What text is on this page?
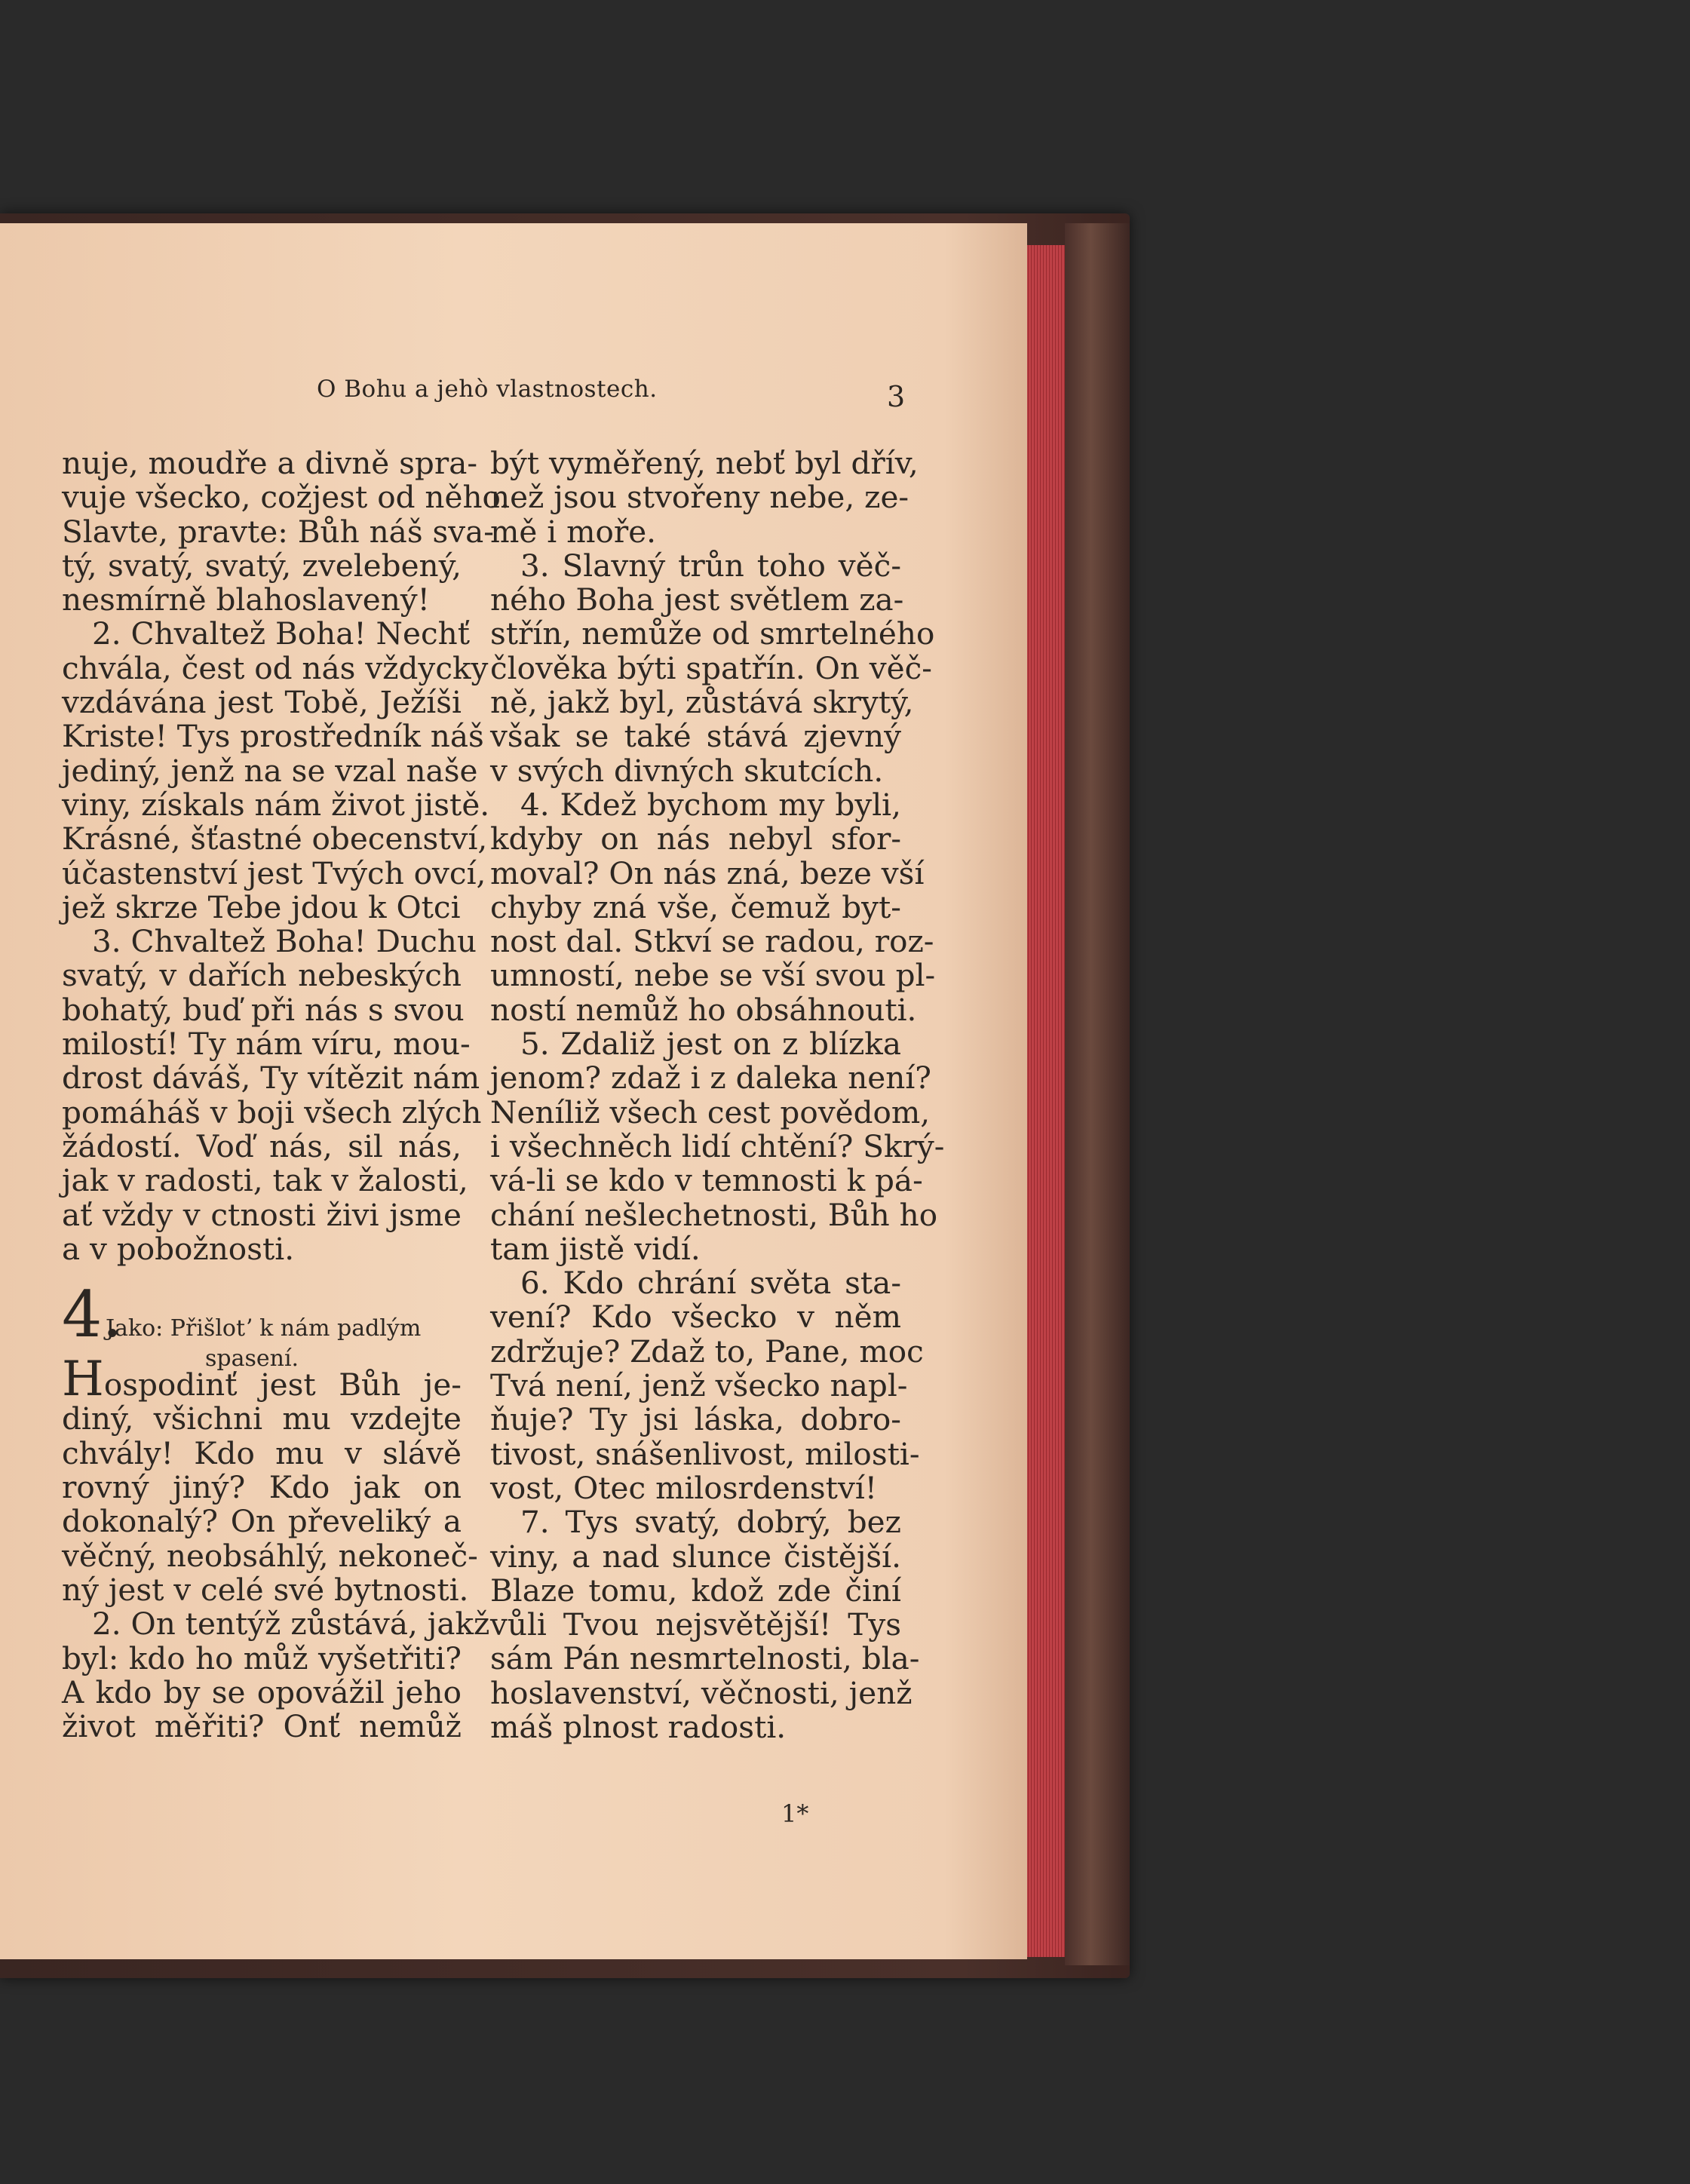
O Bohu a jehò vlastnostech.	3
nuje, moudře a divně spra-
vuje všecko, cožjest od něho.
Slavte, pravte: Bůh náš sva-
tý, svatý, svatý, zvelebený,
nesmírně blahoslavený!
2. Chvaltež Boha! Nechť
chvála, čest od nás vždycky
vzdávána jest Tobě, Ježíši
Kriste! Tys prostředník náš
jediný, jenž na se vzal naše
viny, získals nám život jistě.
Krásné, šťastné obecenství,
účastenství jest Tvých ovcí,
jež skrze Tebe jdou k Otci
3. Chvaltež Boha! Duchu
svatý, v dařích nebeských
bohatý, buď při nás s svou
milostí! Ty nám víru, mou-
drost dáváš, Ty vítězit nám
pomáháš v boji všech zlých
žádostí. Voď nás, sil nás,
jak v radosti, tak v žalosti,
ať vždy v ctnosti živi jsme
a v pobožnosti.
4.
Jako: Přišlotʼ k nám padlým
spasení.
Hospodinť jest Bůh je-
diný, všichni mu vzdejte
chvály! Kdo mu v slávě
rovný jiný? Kdo jak on
dokonalý? On převeliký a
věčný, neobsáhlý, nekoneč-
ný jest v celé své bytnosti.
2. On tentýž zůstává, jakž
byl: kdo ho můž vyšetřiti?
A kdo by se opovážil jeho
život měřiti? Onť nemůž
být vyměřený, nebť byl dřív,
než jsou stvořeny nebe, ze-
mě i moře.
3. Slavný trůn toho věč-
ného Boha jest světlem za-
střín, nemůže od smrtelného
člověka býti spatřín. On věč-
ně, jakž byl, zůstává skrytý,
však se také stává zjevný
v svých divných skutcích.
4. Kdež bychom my byli,
kdyby on nás nebyl sfor-
moval? On nás zná, beze vší
chyby zná vše, čemuž byt-
nost dal. Stkví se radou, roz-
umností, nebe se vší svou pl-
ností nemůž ho obsáhnouti.
5. Zdaliž jest on z blízka
jenom? zdaž i z daleka není?
Neníliž všech cest povědom,
i všechněch lidí chtění? Skrý-
vá-li se kdo v temnosti k pá-
chání nešlechetnosti, Bůh ho
tam jistě vidí.
6. Kdo chrání světa sta-
vení? Kdo všecko v něm
zdržuje? Zdaž to, Pane, moc
Tvá není, jenž všecko napl-
ňuje? Ty jsi láska, dobro-
tivost, snášenlivost, milosti-
vost, Otec milosrdenství!
7. Tys svatý, dobrý, bez
viny, a nad slunce čistější.
Blaze tomu, kdož zde činí
vůli Tvou nejsvětější! Tys
sám Pán nesmrtelnosti, bla-
hoslavenství, věčnosti, jenž
máš plnost radosti.
1*
